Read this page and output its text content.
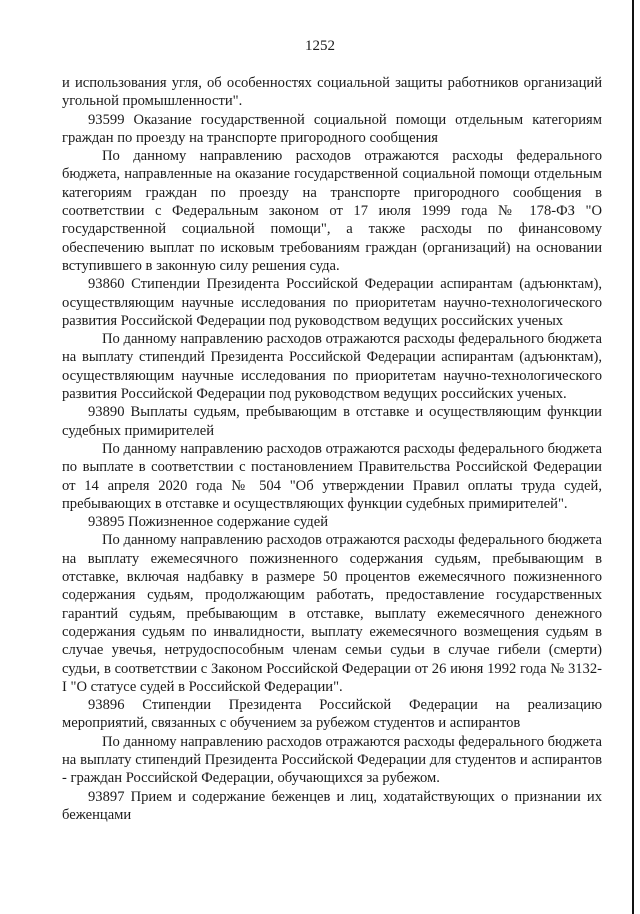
1252

и использования угля, об особенностях социальной защиты работников организаций угольной промышленности".

93599 Оказание государственной социальной помощи отдельным категориям граждан по проезду на транспорте пригородного сообщения

По данному направлению расходов отражаются расходы федерального бюджета, направленные на оказание государственной социальной помощи отдельным категориям граждан по проезду на транспорте пригородного сообщения в соответствии с Федеральным законом от 17 июля 1999 года № 178-ФЗ "О государственной социальной помощи", а также расходы по финансовому обеспечению выплат по исковым требованиям граждан (организаций) на основании вступившего в законную силу решения суда.

93860 Стипендии Президента Российской Федерации аспирантам (адъюнктам), осуществляющим научные исследования по приоритетам научно-технологического развития Российской Федерации под руководством ведущих российских ученых

По данному направлению расходов отражаются расходы федерального бюджета на выплату стипендий Президента Российской Федерации аспирантам (адъюнктам), осуществляющим научные исследования по приоритетам научно-технологического развития Российской Федерации под руководством ведущих российских ученых.

93890 Выплаты судьям, пребывающим в отставке и осуществляющим функции судебных примирителей

По данному направлению расходов отражаются расходы федерального бюджета по выплате в соответствии с постановлением Правительства Российской Федерации от 14 апреля 2020 года № 504 "Об утверждении Правил оплаты труда судей, пребывающих в отставке и осуществляющих функции судебных примирителей".

93895 Пожизненное содержание судей

По данному направлению расходов отражаются расходы федерального бюджета на выплату ежемесячного пожизненного содержания судьям, пребывающим в отставке, включая надбавку в размере 50 процентов ежемесячного пожизненного содержания судьям, продолжающим работать, предоставление государственных гарантий судьям, пребывающим в отставке, выплату ежемесячного денежного содержания судьям по инвалидности, выплату ежемесячного возмещения судьям в случае увечья, нетрудоспособным членам семьи судьи в случае гибели (смерти) судьи, в соответствии с Законом Российской Федерации от 26 июня 1992 года № 3132-I "О статусе судей в Российской Федерации".

93896 Стипендии Президента Российской Федерации на реализацию мероприятий, связанных с обучением за рубежом студентов и аспирантов

По данному направлению расходов отражаются расходы федерального бюджета на выплату стипендий Президента Российской Федерации для студентов и аспирантов - граждан Российской Федерации, обучающихся за рубежом.

93897 Прием и содержание беженцев и лиц, ходатайствующих о признании их беженцами
